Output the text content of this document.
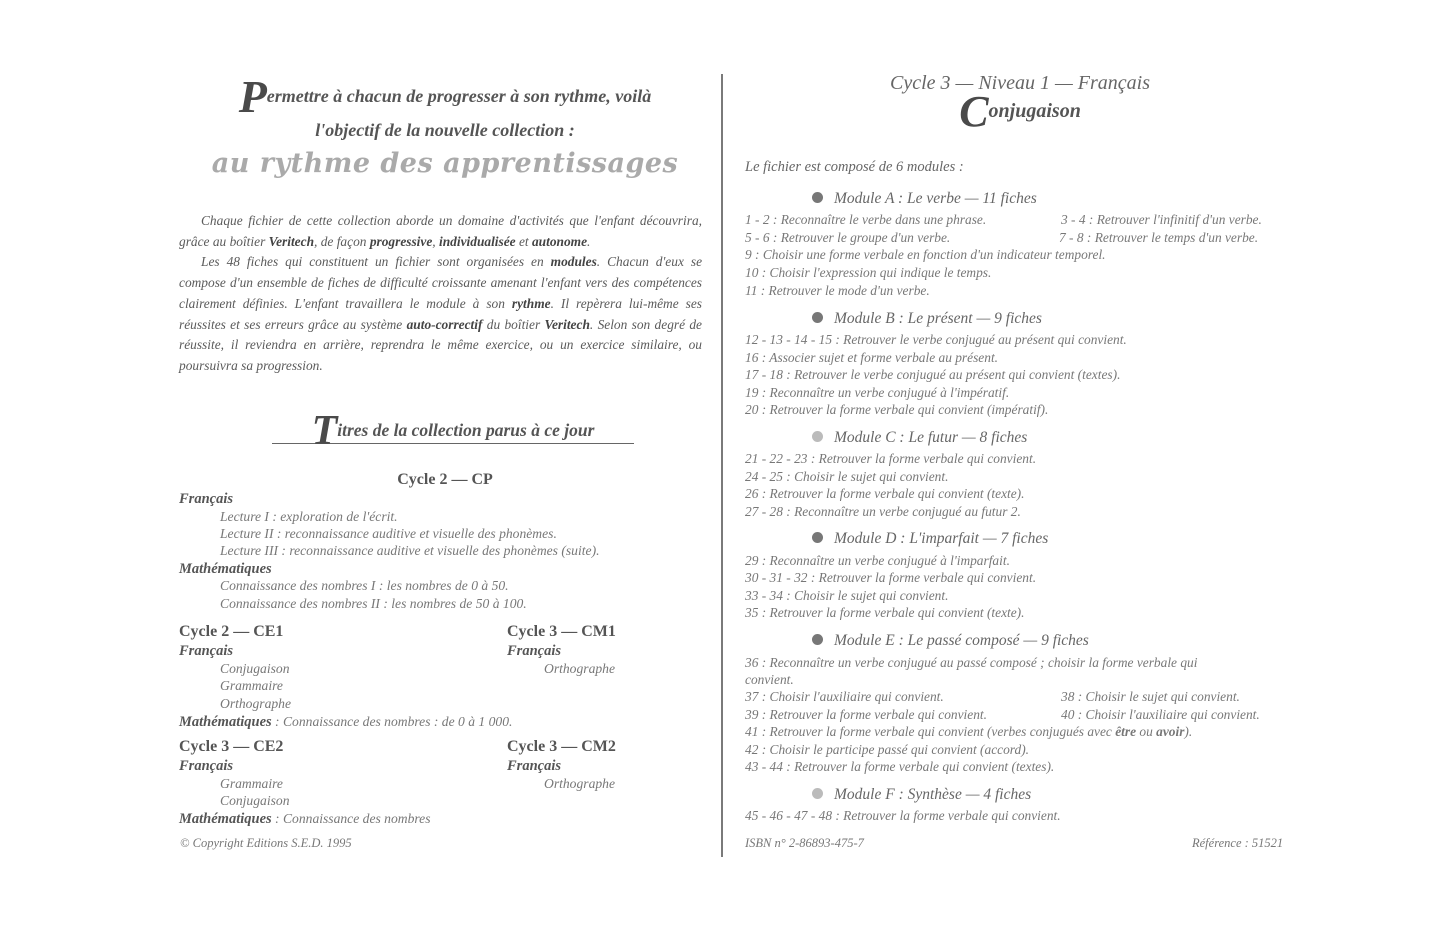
Permettre à chacun de progresser à son rythme, voilà
l'objectif de la nouvelle collection :
au rythme des apprentissages

Chaque fichier de cette collection aborde un domaine d'activités que l'enfant découvrira, grâce au boîtier Veritech, de façon progressive, individualisée et autonome.

Les 48 fiches qui constituent un fichier sont organisées en modules. Chacun d'eux se compose d'un ensemble de fiches de difficulté croissante amenant l'enfant vers des compétences clairement définies. L'enfant travaillera le module à son rythme. Il repèrera lui-même ses réussites et ses erreurs grâce au système auto-correctif du boîtier Veritech. Selon son degré de réussite, il reviendra en arrière, reprendra le même exercice, ou un exercice similaire, ou poursuivra sa progression.

Titres de la collection parus à ce jour
Cycle 2 — CP
Français
Lecture I : exploration de l'écrit.
Lecture II : reconnaissance auditive et visuelle des phonèmes.
Lecture III : reconnaissance auditive et visuelle des phonèmes (suite).
Mathématiques
Connaissance des nombres I : les nombres de 0 à 50.
Connaissance des nombres II : les nombres de 50 à 100.
Cycle 2 — CE1
Français
Conjugaison
Grammaire
Orthographe
Mathématiques : Connaissance des nombres : de 0 à 1 000.
Cycle 3 — CM1
Français
Orthographe
Cycle 3 — CE2
Français
Grammaire
Conjugaison
Mathématiques : Connaissance des nombres
Cycle 3 — CM2
Français
Orthographe
© Copyright Editions S.E.D. 1995
Cycle 3 — Niveau 1 — Français
Conjugaison
Le fichier est composé de 6 modules :
Module A : Le verbe — 11 fiches
1 - 2 : Reconnaître le verbe dans une phrase.	3 - 4 : Retrouver l'infinitif d'un verbe.
5 - 6 : Retrouver le groupe d'un verbe.	7 - 8 : Retrouver le temps d'un verbe.
9 : Choisir une forme verbale en fonction d'un indicateur temporel.
10 : Choisir l'expression qui indique le temps.
11 : Retrouver le mode d'un verbe.
Module B : Le présent — 9 fiches
12 - 13 - 14 - 15 : Retrouver le verbe conjugué au présent qui convient.
16 : Associer sujet et forme verbale au présent.
17 - 18 : Retrouver le verbe conjugué au présent qui convient (textes).
19 : Reconnaître un verbe conjugué à l'impératif.
20 : Retrouver la forme verbale qui convient (impératif).
Module C : Le futur — 8 fiches
21 - 22 - 23 : Retrouver la forme verbale qui convient.
24 - 25 : Choisir le sujet qui convient.
26 : Retrouver la forme verbale qui convient (texte).
27 - 28 : Reconnaître un verbe conjugué au futur 2.
Module D : L'imparfait — 7 fiches
29 : Reconnaître un verbe conjugué à l'imparfait.
30 - 31 - 32 : Retrouver la forme verbale qui convient.
33 - 34 : Choisir le sujet qui convient.
35 : Retrouver la forme verbale qui convient (texte).
Module E : Le passé composé — 9 fiches
36 : Reconnaître un verbe conjugué au passé composé ; choisir la forme verbale qui
convient.
37 : Choisir l'auxiliaire qui convient.	38 : Choisir le sujet qui convient.
39 : Retrouver la forme verbale qui convient.	40 : Choisir l'auxiliaire qui convient.
41 : Retrouver la forme verbale qui convient (verbes conjugués avec être ou avoir).
42 : Choisir le participe passé qui convient (accord).
43 - 44 : Retrouver la forme verbale qui convient (textes).
Module F : Synthèse — 4 fiches
45 - 46 - 47 - 48 : Retrouver la forme verbale qui convient.
ISBN n° 2-86893-475-7	Référence : 51521
